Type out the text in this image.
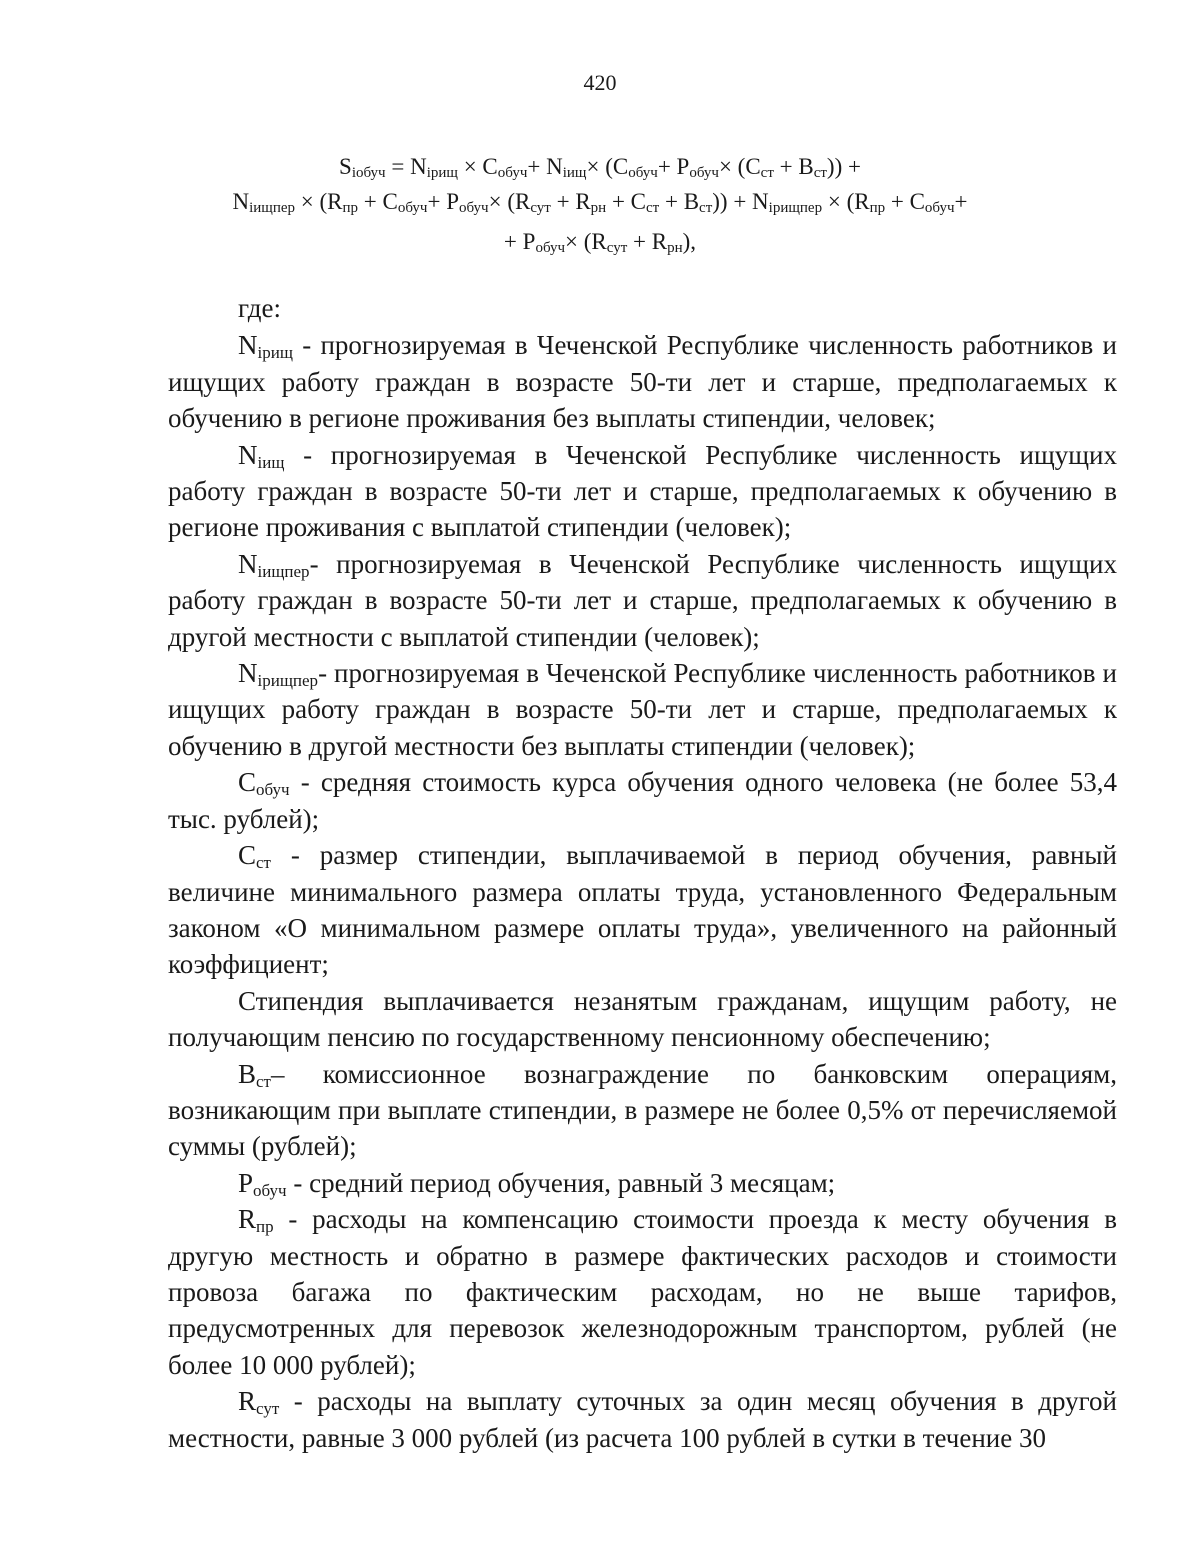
420
$S_{iобуч} = N_{iрищ} \times C_{обуч}+ N_{iищ}\times (C_{обуч}+ P_{обуч}\times (C_{ст} + B_{ст}))$ +
$N_{iищпер} \times (R_{пр} + C_{обуч}+ P_{обуч}\times (R_{сут} + R_{рн} + C_{ст} + B_{ст})) + N_{iрищпер} \times (R_{пр} + C_{обуч}+$
+ $P_{обуч}\times (R_{сут} + R_{рн})$,

где:

$N_{iрищ}$ - прогнозируемая в Чеченской Республике численность работников и ищущих работу граждан в возрасте 50-ти лет и старше, предполагаемых к обучению в регионе проживания без выплаты стипендии, человек;

$N_{iищ}$ - прогнозируемая в Чеченской Республике численность ищущих работу граждан в возрасте 50-ти лет и старше, предполагаемых к обучению в регионе проживания с выплатой стипендии (человек);

$N_{iищпер}-$ прогнозируемая в Чеченской Республике численность ищущих работу граждан в возрасте 50-ти лет и старше, предполагаемых к обучению в другой местности с выплатой стипендии (человек);

$N_{iрищпер}-$ прогнозируемая в Чеченской Республике численность работников и ищущих работу граждан в возрасте 50-ти лет и старше, предполагаемых к обучению в другой местности без выплаты стипендии (человек);

$C_{обуч}$ - средняя стоимость курса обучения одного человека (не более 53,4 тыс. рублей);

$C_{ст}$ - размер стипендии, выплачиваемой в период обучения, равный величине минимального размера оплаты труда, установленного Федеральным законом «О минимальном размере оплаты труда», увеличенного на районный коэффициент;

Стипендия выплачивается незанятым гражданам, ищущим работу, не получающим пенсию по государственному пенсионному обеспечению;

$B_{ст}-$ комиссионное вознаграждение по банковским операциям, возникающим при выплате стипендии, в размере не более 0,5% от перечисляемой суммы (рублей);

$P_{обуч}$ - средний период обучения, равный 3 месяцам;

$R_{пр}$ - расходы на компенсацию стоимости проезда к месту обучения в другую местность и обратно в размере фактических расходов и стоимости провоза багажа по фактическим расходам, но не выше тарифов, предусмотренных для перевозок железнодорожным транспортом, рублей (не более 10 000 рублей);

$R_{сут}$ - расходы на выплату суточных за один месяц обучения в другой местности, равные 3 000 рублей (из расчета 100 рублей в сутки в течение 30
